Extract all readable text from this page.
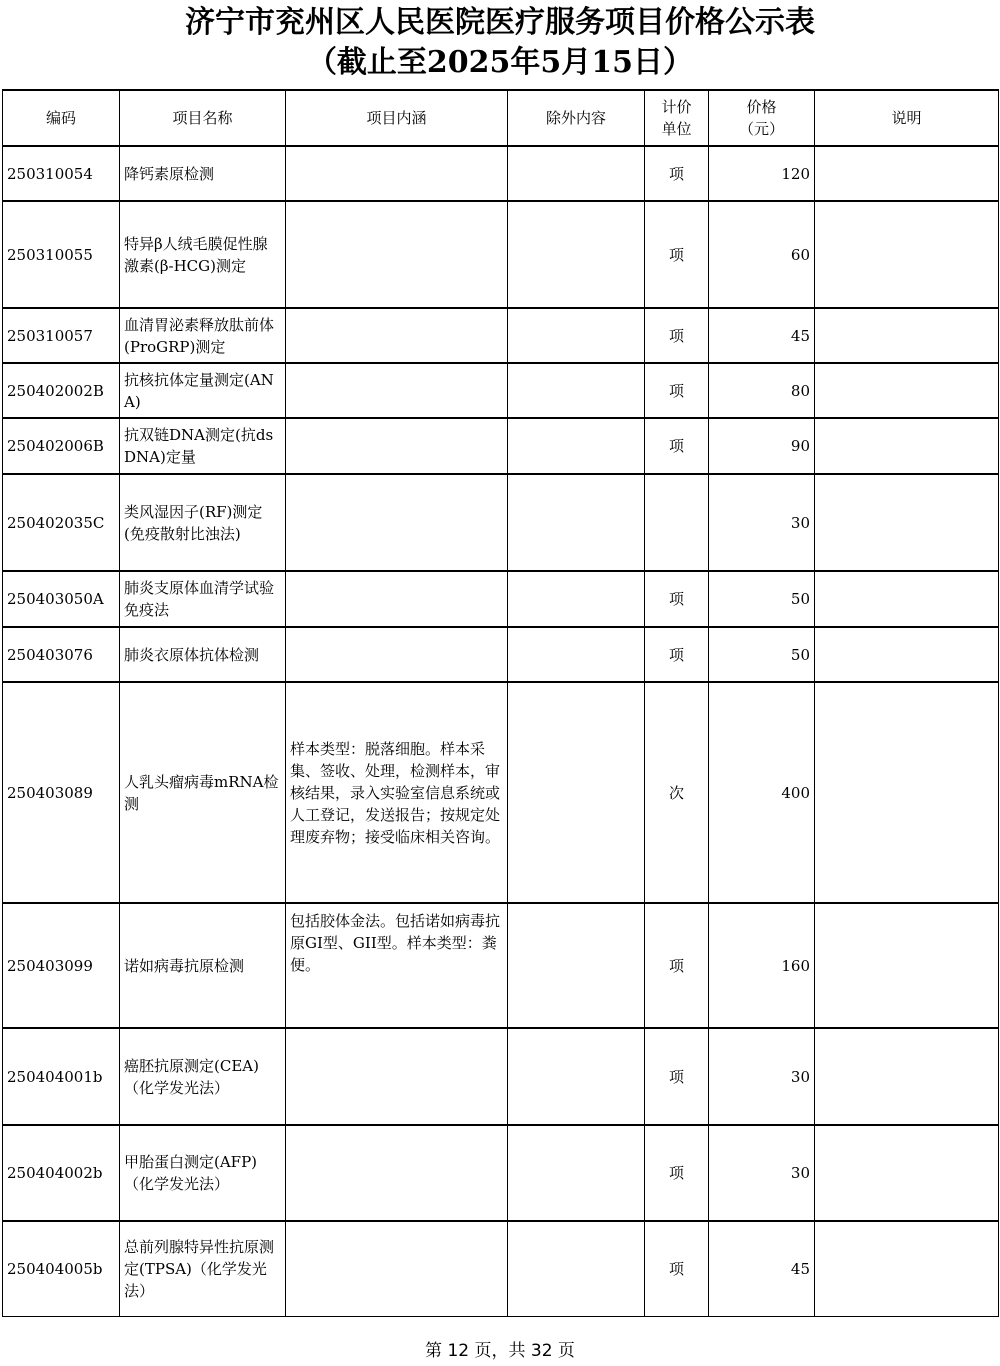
济宁市兖州区人民医院医疗服务项目价格公示表
（截止至2025年5月15日）
编码	项目名称	项目内涵	除外内容	计价单位	价格（元）	说明
250310054	降钙素原检测			项	120	
250310055	特异β人绒毛膜促性腺激素(β-HCG)测定			项	60	
250310057	血清胃泌素释放肽前体(ProGRP)测定			项	45	
250402002B	抗核抗体定量测定(ANA)			项	80	
250402006B	抗双链DNA测定(抗dsDNA)定量			项	90	
250402035C	类风湿因子(RF)测定(免疫散射比浊法)				30	
250403050A	肺炎支原体血清学试验免疫法			项	50	
250403076	肺炎衣原体抗体检测			项	50	
250403089	人乳头瘤病毒mRNA检测	样本类型：脱落细胞。样本采集、签收、处理，检测样本，审核结果，录入实验室信息系统或人工登记，发送报告；按规定处理废弃物；接受临床相关咨询。		次	400	
250403099	诺如病毒抗原检测	包括胶体金法。包括诺如病毒抗原GI型、GII型。样本类型：粪便。		项	160	
250404001b	癌胚抗原测定(CEA)（化学发光法）			项	30	
250404002b	甲胎蛋白测定(AFP)（化学发光法）			项	30	
250404005b	总前列腺特异性抗原测定(TPSA)（化学发光法）			项	45	
第 12 页，共 32 页
